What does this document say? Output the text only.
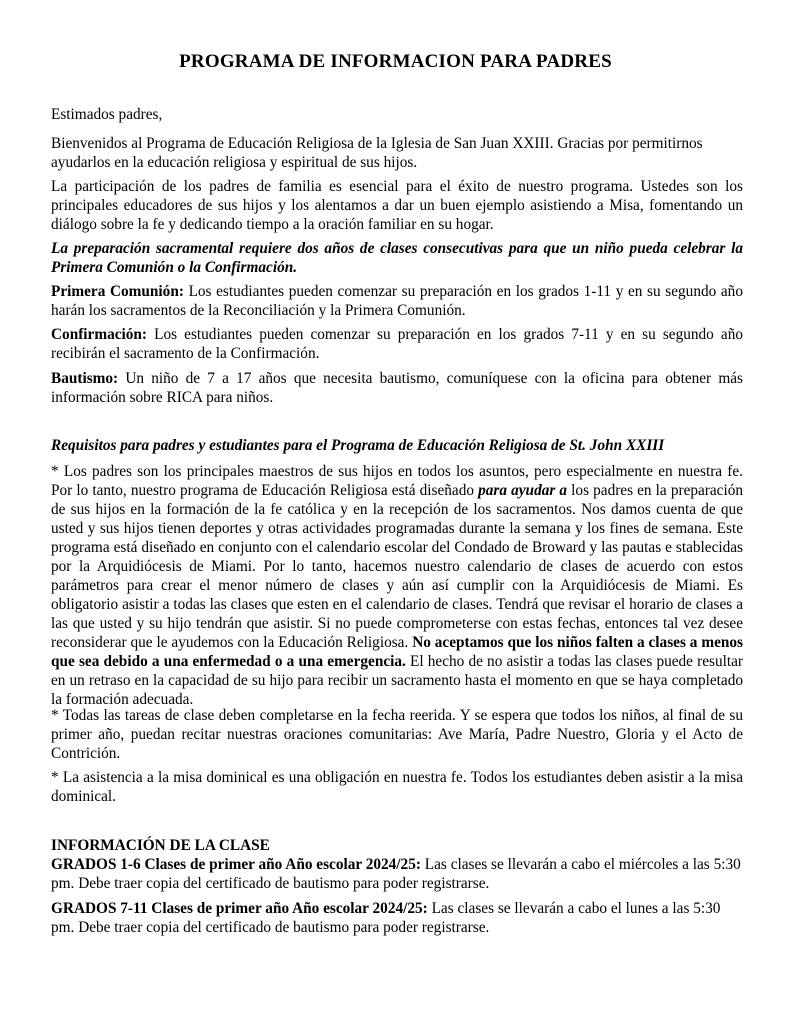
PROGRAMA DE INFORMACION PARA PADRES

Estimados padres,

Bienvenidos al Programa de Educación Religiosa de la Iglesia de San Juan XXIII. Gracias por permitirnos ayudarlos en la educación religiosa y espiritual de sus hijos.

La participación de los padres de familia es esencial para el éxito de nuestro programa. Ustedes son los principales educadores de sus hijos y los alentamos a dar un buen ejemplo asistiendo a Misa, fomentando un diálogo sobre la fe y dedicando tiempo a la oración familiar en su hogar.

La preparación sacramental requiere dos años de clases consecutivas para que un niño pueda celebrar la Primera Comunión o la Confirmación.

Primera Comunión: Los estudiantes pueden comenzar su preparación en los grados 1-11 y en su segundo año harán los sacramentos de la Reconciliación y la Primera Comunión.

Confirmación: Los estudiantes pueden comenzar su preparación en los grados 7-11 y en su segundo año recibirán el sacramento de la Confirmación.

Bautismo: Un niño de 7 a 17 años que necesita bautismo, comuníquese con la oficina para obtener más información sobre RICA para niños.

Requisitos para padres y estudiantes para el Programa de Educación Religiosa de St. John XXIII

* Los padres son los principales maestros de sus hijos en todos los asuntos, pero especialmente en nuestra fe. Por lo tanto, nuestro programa de Educación Religiosa está diseñado para ayudar a los padres en la preparación de sus hijos en la formación de la fe católica y en la recepción de los sacramentos. Nos damos cuenta de que usted y sus hijos tienen deportes y otras actividades programadas durante la semana y los fines de semana. Este programa está diseñado en conjunto con el calendario escolar del Condado de Broward y las pautas e stablecidas por la Arquidiócesis de Miami. Por lo tanto, hacemos nuestro calendario de clases de acuerdo con estos parámetros para crear el menor número de clases y aún así cumplir con la Arquidiócesis de Miami. Es obligatorio asistir a todas las clases que esten en el calendario de clases. Tendrá que revisar el horario de clases a las que usted y su hijo tendrán que asistir. Si no puede comprometerse con estas fechas, entonces tal vez desee reconsiderar que le ayudemos con la Educación Religiosa. No aceptamos que los niños falten a clases a menos que sea debido a una enfermedad o a una emergencia. El hecho de no asistir a todas las clases puede resultar en un retraso en la capacidad de su hijo para recibir un sacramento hasta el momento en que se haya completado la formación adecuada.

* Todas las tareas de clase deben completarse en la fecha reerida. Y se espera que todos los niños, al final de su primer año, puedan recitar nuestras oraciones comunitarias: Ave María, Padre Nuestro, Gloria y el Acto de Contrición.

* La asistencia a la misa dominical es una obligación en nuestra fe. Todos los estudiantes deben asistir a la misa dominical.

INFORMACIÓN DE LA CLASE

GRADOS 1-6 Clases de primer año Año escolar 2024/25: Las clases se llevarán a cabo el miércoles a las 5:30 pm. Debe traer copia del certificado de bautismo para poder registrarse.

GRADOS 7-11 Clases de primer año Año escolar 2024/25: Las clases se llevarán a cabo el lunes a las 5:30 pm. Debe traer copia del certificado de bautismo para poder registrarse.
